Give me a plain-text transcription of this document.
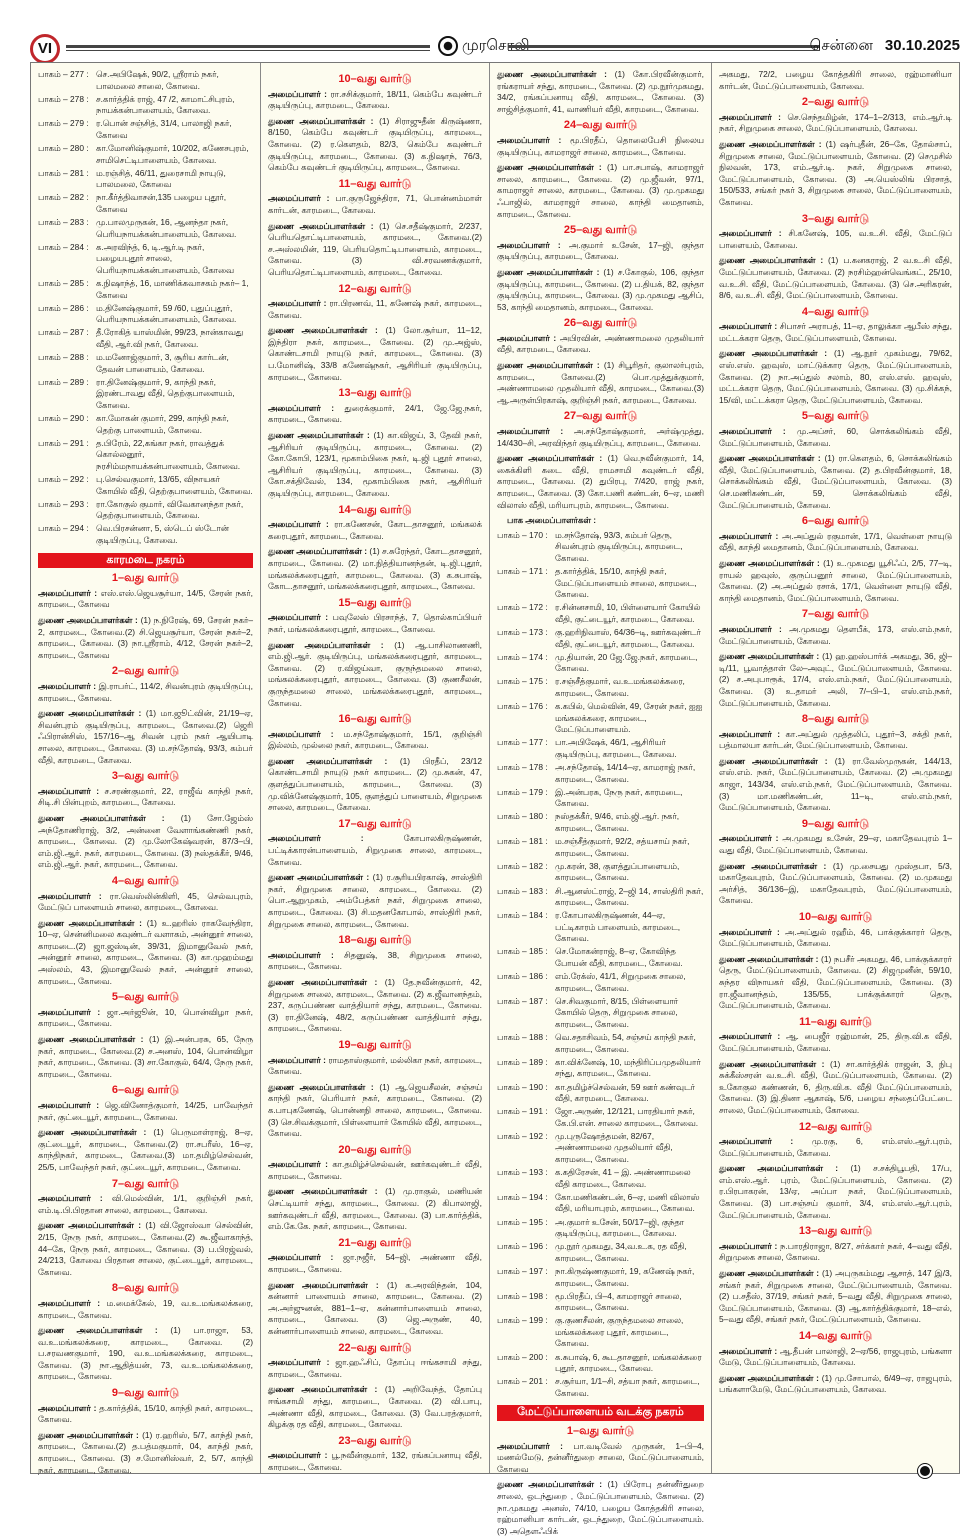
VI	முரசொலி	சென்னை 30.10.2025
பாகம் – 277 : செ.அபிஷேக், 90/2, ஸ்ரீராம் நகர், பாலமலை சாலை, கோவை.
பாகம் – 278 : ச.கார்த்திக் ராஜ், 47 /2, காமாட்சிபுரம், நாயக்கன்பாளையம், கோவை.
பாகம் – 279 : ர.பொன் சஞ்சித், 31/4, பாலாஜி நகர், கோவை
பாகம் – 280 : கா.மோனிஷ்குமார், 10/202, கணேசபுரம், சாமிசெட்டிபாளையம், கோவை.
பாகம் – 281 : ம.ரஞ்சித், 46/11, துரைசாமி நாயுடு, பாலமலை, கோவை
பாகம் – 282 : நா.கீர்த்திவாசன்,135 பழைய புதூர், கோவை
பாகம் – 283 : மு.பாலமுருகன், 16, ஆனந்தா நகர், பெரியநாயக்கன்பாளையம், கோவை.
பாகம் – 284 : க.அரவிந்த், 6, டி.ஆர்.டி நகர், பழையபுதூர் சாலை, பெரியநாயக்கன்பாளையம், கோவை
பாகம் – 285 : க.நிஷாந்த், 16, மாணிக்கவாசகம் நகர்– 1, கோவை
பாகம் – 286 : ம.தினேஷ்குமார், 59 /60, புதுப்புதூர், பெரியநாயக்கன்பாளையம், கோவை.
பாகம் – 287 : தீ.ரோகித் யாஸ்மின், 99/23, நான்காவது வீதி, ஆர்.வி நகர், கோவை.
பாகம் – 288 : ம.மனோஜ்குமார், 3, சூரிய கார்டன், தேவன் பாளையம், கோவை.
பாகம் – 289 : ரா.தினேஷ்குமார், 9, காந்தி நகர், இரண்டாவது வீதி, தெற்குபாளையம், கோவை.
பாகம் – 290 : கா.மோகன் குமார், 299, காந்தி நகர், தெற்கு பாளையம், கோவை.
பாகம் – 291 : த.பிரேம், 22,கங்கா நகர், ராவத்துக் கொல்லனூர், நரசிம்மநாயக்கன்பாளையம், கோவை.
பாகம் – 292 : பு.செல்வகுமார், 13/65, விநாயகர் கோயில் வீதி, தெற்குபாளையம், கோவை.
பாகம் – 293 : ரா.கோகுல் குமார், விவேகானந்தா நகர், தெற்குபாளையம், கோவை.
பாகம் – 294 : வெ.பிரசன்னா, 5, ஸ்டெப் ஸ்டோன் குடியிருப்பு, கோவை.
காரமடை நகரம்
1–வது வார்டு
அமைப்பாளர் : எஸ்.எஸ்.ஜெயசூர்யா, 14/5, சேரன் நகர், காரமடை, கோவை
துணை அமைப்பாளர்கள் : (1) ந.நிரேஷ், 69, சேரன் நகர்–2, காரமடை, கோவை.(2) சி.ஜெயசூர்யா, சேரன் நகர்–2, காரமடை, கோவை. (3) நா.ஸ்ரீராம், 4/12, சேரன் நகர்–2, காரமடை, கோவை
2–வது வார்டு
அமைப்பாளர் : இ.ராபர்ட், 114/2, சிவன்புரம் குடியிருப்பு, காரமடை, கோவை.
துணை அமைப்பாளர்கள் : (1) மா.ஜூட்வின், 21/19–ஏ, சிவன்புரம் குடியிருப்பு, காரமடை, கோவை.(2) ஜெரி ஃபிரான்சிஸ், 157/16–ஆ சிவன் புரம் நகர் ஆயிபாடி சாலை, காரமடை, கோவை. (3) ம.சந்தோஷ், 93/3, கம்பர் வீதி, காரமடை, கோவை.
3–வது வார்டு
அமைப்பாளர் : ச.சரண்குமார், 22, ராஜீவ் காந்தி நகர், சிடி.சி பின்புறம், காரமடை, கோவை.
துணை அமைப்பாளர்கள் : (1) சோ.ஜேம்ஸ் அந்தோணிராஜ், 3/2, அன்னை வேளாங்கண்ணி நகர், காரமடை, கோவை. (2) மு.லோகேஷ்வரன், 87/3–பி, எம்.ஜி.ஆர். நகர், காரமடை, கோவை. (3) நஸ்தக்கீர், 9/46, எம்.ஜி.ஆர். நகர், காரமடை, கோவை.
4–வது வார்டு
அமைப்பாளர் : ரா.வெஸ்லின்கிளி, 45, செல்வபுரம், மேட்டுப் பாளையம் சாலை, காரமடை, கோவை.
துணை அமைப்பாளர்கள் : (1) உ.ஹரிஸ் ராகவேந்திரா, 10–ஏ, சென்னிமலை கவுண்டர் வளாகம், அன்னூர் சாலை, காரமடை.(2) ஜா.ஜஸ்டின், 39/31, இமானுவேல் நகர், அன்னூர் சாலை, காரமடை, கோவை. (3) கா.முஹம்மது அஸ்லம், 43, இமானுவேல் நகர், அன்னூர் சாலை, காரமடை, கோவை.
5–வது வார்டு
அமைப்பாளர் : ஜா.அர்ஜூன், 10, பொன்விழா நகர், காரமடை, கோவை.
துணை அமைப்பாளர்கள் : (1) இ.அன்பரசு, 65, நேரு நகர், காரமடை, கோவை.(2) ச.அனஸ், 104, பொன்விழா நகர், காரமடை, கோவை. (3) சா.கோகுல், 64/4, நேரு நகர், காரமடை, கோவை.
6–வது வார்டு
அமைப்பாளர் : ஜெ.வினோத்குமார், 14/25, பாவேந்தர் நகர், குட்டையூர், காரமடை, கோவை.
துணை அமைப்பாளர்கள் : (1) பெருமாள்ராஜ், 8–ஏ, குட்டையூர், காரமடை, கோவை.(2) ரா.சபரீஸ், 16–ஏ, காந்திநகர், காரமடை, கோவை.(3) மா.தமிழ்செல்வன், 25/5, பாவேந்தர் நகர், குட்டையூர், காரமடை, கோவை.
7–வது வார்டு
அமைப்பாளர் : வி.மெல்வின், 1/1, குறிஞ்சி நகர், எம்.டி.பி.பிரதான சாலை, காரமடை, கோவை.
துணை அமைப்பாளர்கள் : (1) வி.ஜோஸ்வா செல்வின், 2/15, நேரு நகர், காரமடை, கோவை.(2) கூ.ஜீவாகாந்த், 44–கே, நேரு நகர், காரமடை, கோவை. (3) ப.பிரஜ்வல், 24/213, கோவை பிரதான சாலை, குட்டையூர், காரமடை, கோவை.
8–வது வார்டு
அமைப்பாளர் : ம.மைக்கேல், 19, வ.உ.மங்கலக்கரை, காரமடை, கோவை.
துணை அமைப்பாளர்கள் : (1) பா.ராஜா, 53, வ.உ.மங்கலக்கரை, காரமடை, கோவை. (2) ப.சரவணகுமார், 190, வ.உ.மங்கலக்கரை, காரமடை, கோவை. (3) நா.ஆதித்யன், 73, வ.உ.மங்கலக்கரை, காரமடை, கோவை.
9–வது வார்டு
அமைப்பாளர் : த.கார்த்திக், 15/10, காந்தி நகர், காரமடை, கோவை.
துணை அமைப்பாளர்கள் : (1) ர.ஹரிஸ், 5/7, காந்தி நகர், காரமடை, கோவை.(2) த.பத்மகுமார், 04, காந்தி நகர், காரமடை, கோவை. (3) ச.மோனிஸ்வர், 2, 5/7, காந்தி நகர், காரமடை, கோவை.
10–வது வார்டு
அமைப்பாளர் : ரா.சசிக்குமார், 18/11, கெம்பே கவுண்டர் குடியிருப்பு, காரமடை, கோவை.
துணை அமைப்பாளர்கள் : (1) சிராஜுதீன் கிருஷ்ணா, 8/150, கெம்பே கவுண்டர் குடியிருப்பு, காரமடை, கோவை. (2) ர.கௌதம், 82/3, கெம்பே கவுண்டர் குடியிருப்பு, காரமடை, கோவை. (3) க.நிஷாந், 76/3, கெம்பே கவுண்டர் குடியிருப்பு, காரமடை, கோவை.
11–வது வார்டு
அமைப்பாளர் : பா.குருஜேந்திரா, 71, பொன்னம்மாள் கார்டன், காரமடை, கோவை.
துணை அமைப்பாளர்கள் : (1) செ.சதீஷ்குமார், 2/237, பெரியதொட்டிபாளையம், காரமடை, கோவை.(2) ச.அஸ்லமின், 119, பெரியதொட்டிபாளையம், காரமடை, கோவை. (3) வி.சரவணக்குமார், பெரியதொட்டிபாளையம், காரமடை, கோவை.
12–வது வார்டு
அமைப்பாளர் : ரா.பிரணவ், 11, கணேஷ் நகர், காரமடை, கோவை.
துணை அமைப்பாளர்கள் : (1) லோ.சூர்யா, 11–12, இந்திரா நகர், காரமடை, கோவை. (2) மு.அஜ்ஸ், கொண்டசாமி நாயுடு நகர், காரமடை, கோவை. (3) ப.மோனிஷ், 33/8 கணேஷ்நகர், ஆசிரியர் குடியிருப்பு, காரமடை, கோவை.
13–வது வார்டு
அமைப்பாளர் : துரைக்குமார், 24/1, ஜே.ஜே.நகர், காரமடை, கோவை.
துணை அமைப்பாளர்கள் : (1) கா.விஜய், 3, தேவி நகர், ஆசிரியர் குடியிருப்பு, காரமடை, கோவை. (2) கோ.கோபி, 123/1, மூகாம்பிகை நகர், டி.ஜி புதூர் சாலை, ஆசிரியர் குடியிருப்பு, காரமடை, கோவை. (3) கோ.சக்திவேல், 134, மூகாம்பிகை நகர், ஆசிரியர் குடியிருப்பு, காரமடை, கோவை.
14–வது வார்டு
அமைப்பாளர் : ரா.கணேசன், கோட.தாசனூர், மங்கலக் கரைபுதூர், காரமடை, கோவை.
துணை அமைப்பாளர்கள் : (1) ச.சுரேந்தர், கோட.தாசனூர், காரமடை, கோவை. (2) மா.நித்தியானந்தன், டி.ஜி.புதூர், மங்கலக்கரைபுதூர், காரமடை, கோவை. (3) க.சுபாஷ், கோட.தாசனூர், மங்கலக்கரைபுதூர், காரமடை, கோவை.
15–வது வார்டு
அமைப்பாளர் : பவுலேஸ் பிரசாந்த், 7, தொல்காப்பியர் நகர், மங்கலக்கரைபுதூர், காரமடை, கோவை.
துணை அமைப்பாளர்கள் : (1) ஆ.பாசிலாணணி, எம்.ஜி.ஆர். குடியிருப்பு, மங்கலக்கரைபுதூர், காரமடை, கோவை. (2) ர.விஜய்வா, குருந்தமலை சாலை, மங்கலக்கரைபுதூர், காரமடை, கோவை. (3) குணசீலன், குருந்தமலை சாலை, மங்கலக்கரைபுதூர், காரமடை, கோவை.
16–வது வார்டு
அமைப்பாளர் : ம.சந்தோஷ்குமார், 15/1, குறிஞ்சி இல்லம், முல்லை நகர், காரமடை, கோவை.
துணை அமைப்பாளர்கள் : (1) பிரதீப், 23/12 கொண்டசாமி நாயுடு நகர் காரமடை. (2) மு.சுகன், 47, குளத்துப்பாளையம், காரமடை, கோவை. (3) மு.விக்னேஷ்குமார், 105, குளத்துப் பாளையம், சிறுமுகை சாலை, காரமடை, கோவை.
17–வது வார்டு
அமைப்பாளர் :	கோபாலகிருஷ்ணன், பட்டிக்காரன்பாளையம், சிறுமுகை சாலை, காரமடை, கோவை.
துணை அமைப்பாளர்கள் : (1) ர.சூரியபிரகாஷ், சாஸ்திரி நகர், சிறுமுகை சாலை, காரமடை, கோவை. (2) பொ.ஆறுமுகம், அம்பேத்கர் நகர், சிறுமுகை சாலை, காரமடை, கோவை. (3) சி.மதனகோபால், சாஸ்திரி நகர், சிறுமுகை சாலை, காரமடை, கோவை.
18–வது வார்டு
அமைப்பாளர் : சிதனுஷ், 38, சிறுமுகை சாலை, காரமடை, கோவை.
துணை அமைப்பாளர்கள் : (1) தே.நவீன்குமார், 42, சிறுமுகை சாலை, காரமடை, கோவை. (2) க.ஜீவானந்தம், 237, கருப்பண்ண வாத்தியார் சந்து, காரமடை, கோவை. (3) ரா.தினேஷ், 48/2, கருப்பண்ண வாத்தியார் சந்து, காரமடை, கோவை.
19–வது வார்டு
அமைப்பாளர் : ராமதாஸ்குமார், மல்லிகா நகர், காரமடை, கோவை.
துணை அமைப்பாளர்கள் : (1) ஆ.ஜெயசீலன், சஞ்சய் காந்தி நகர், பெரியார் நகர், காரமடை, கோவை. (2) க.பாபுகணேஷ், பொன்னநி சாலை, காரமடை, கோவை. (3) செ.சிவக்குமார், பிள்ளையார் கோயில் வீதி, காரமடை, கோவை.
20–வது வார்டு
அமைப்பாளர் : கா.தமிழ்ச்செல்வன், ஊர்கவுண்டர் வீதி, காரமடை, கோவை.
துணை அமைப்பாளர்கள் : (1) மு.ராகுல், மணியன் செட்டியார் சந்து, காரமடை, கோவை. (2) கிபாலாஜி, ஊர்கவுண்டர் வீதி, காரமடை, கோவை. (3) பா.கார்த்திக், எம்.கே.கே. நகர், காரமடை, கோவை.
21–வது வார்டு
அமைப்பாளர் : ஜா.நஜீர், 54–ஜி, அண்ணா வீதி, காரமடை, கோவை.
துணை அமைப்பாளர்கள் : (1) க.அரவிந்தன், 104, கன்னார் பாளையம் சாலை, காரமடை, கோவை. (2) அ.அர்ஜுனன், 881–1–ஏ, கன்னார்பாளையம் சாலை, காரமடை, கோவை. (3) ஜெ.அருண், 40, கன்னார்பாளையம் சாலை, காரமடை, கோவை.
22–வது வார்டு
அமைப்பாளர் : ஜா.ஹஃசிப், தோப்பு ஈங்கசாமி சந்து, காரமடை, கோவை.
துணை அமைப்பாளர்கள் : (1) அறிவேந்த், தோப்பு ஈங்கசாமி சந்து, காரமடை, கோவை. (2) வி.பாபு, அண்ணா வீதி, காரமடை, கோவை. (3) வே.பரத்குமார், கிழக்கு ரத வீதி, காரமடை, கோவை.
23–வது வார்டு
அமைப்பாளர் : பூ.நவீன்குமார், 132, ரங்கப்பனாயு வீதி, காரமடை, கோவை.
துணை அமைப்பாளர்கள் : (1) கோ.பிரவீன்குமார், ரங்கராயர் சந்து, காரமடை, கோவை. (2) மு.நூர்முகமது, 34/2, ரங்கப்பனாயு வீதி, காரமடை, கோவை. (3) சாஜ்சித்குமார், 41, வாணியர் வீதி, காரமடை, கோவை.
24–வது வார்டு
அமைப்பாளர் : மூ.பிரதீப், தொலைபேசி நிலைய குடியிருப்பு, காமராஜர் சாலை, காரமடை, கோவை.
துணை அமைப்பாளர்கள் : (1) பா.சபாஷ், காமராஜர் சாலை, காரமடை, கோவை. (2) மு.ஜீவன், 97/1, காமராஜர் சாலை, காரமடை, கோவை. (3) மு.முகமது ஃபாஜில், காமராஜர் சாலை, காந்தி மைதானம், காரமடை, கோவை.
25–வது வார்டு
அமைப்பாளர் : அ.குமார் உசேன், 17–ஜி, குந்தா குடியிருப்பு, காரமடை, கோவை.
துணை அமைப்பாளர்கள் : (1) ச.கோகுல், 106, குந்தா குடியிருப்பு, காரமடை, கோவை. (2) ப.தியக், 82, குந்தா குடியிருப்பு, காரமடை, கோவை. (3) மு.முகமது ஆசிப், 53, காந்தி மைதானம், காரமடை, கோவை.
26–வது வார்டு
அமைப்பாளர் : அபிரவின், அண்ணாமலை முதலியார் வீதி, காரமடை, கோவை.
துணை அமைப்பாளர்கள் : (1) சிபூரிதர், குலாலர்புரம், காரமடை, கோவை.(2) பொ.முத்துக்குமார், அண்ணாமலை முதலியார் வீதி, காரமடை, கோவை.(3) ஆ.அருள்பிரகாஷ், குறிஞ்சி நகர், காரமடை, கோவை.
27–வது வார்டு
அமைப்பாளர் : அ.சந்தோஷ்குமார், அர்ஷ்முத்து, 14/430–சி, அரவிந்தர் குடியிருப்பு, காரமடை, கோவை.
துணை அமைப்பாளர்கள் : (1) வெ.நவீன்குமார், 14, கைக்கிளி கடை வீதி, ராமசாமி கவுண்டர் வீதி, காரமடை, கோவை. (2) துபிரபு, 7/420, ராஜ் நகர், காரமடை, கோவை. (3) கோ.பணி கண்டன், 6–ஏ, மணி விலாஸ் வீதி, மரியாபுரம், காரமடை, கோவை.
பாக அமைப்பாளர்கள் :
பாகம் – 170 : ம.சந்தோஷ், 93/3, கம்பர் தெரு, சிவன்புரம் குடியிருப்பு, காரமடை, கோவை.
பாகம் – 171 : த.கார்த்திக், 15/10, காந்தி நகர், மேட்டுப்பாளையம் சாலை, காரமடை, கோவை.
பாகம் – 172 : ர.சின்னசாமி, 10, பிள்ளையார் கோயில் வீதி, குட்டையூர், காரமடை, கோவை.
பாகம் – 173 : கு.ஹரிநிவாஸ், 64/36–டி, ஊர்கவுண்டர் வீதி, குட்டையூர், காரமடை, கோவை.
பாகம் – 174 : மு.தியான், 20 ஜே.ஜே.நகர், காரமடை, கோவை.
பாகம் – 175 : ர.சஞ்சீத்குமார், வ.உ.மங்கலக்கரை, காரமடை, கோவை.
பாகம் – 176 : க.கபில், மெல்வின், 49, சேரன் நகர், ஐஐ மங்கலக்கரை, காரமடை, மேட்டுப்பாளையம்.
பாகம் – 177 : பா.அபிஷேக், 46/1, ஆசிரியர் குடியிருப்பு, காரமடை, கோவை.
பாகம் – 178 : அ.சந்தோஷ், 14/14–ஏ, காமராஜ் நகர், காரமடை, கோவை.
பாகம் – 179 : இ.அன்பரசு, நேரு நகர், காரமடை, கோவை.
பாகம் – 180 : நஸ்தக்கீர், 9/46, எம்.ஜி.ஆர். நகர், காரமடை, கோவை.
பாகம் – 181 : ம.சஞ்சீத்குமார், 92/2, சத்யசாய் நகர், காரமடை, கோவை.
பாகம் – 182 : மு.கரன், 38, குளத்துப்பாளையம், காரமடை, கோவை.
பாகம் – 183 : சி.ஆனஸ்ட்ராஜ், 2–ஜி 14, சாஸ்திரி நகர், காரமடை, கோவை.
பாகம் – 184 : ர.கோபாலகிருஷ்ணன், 44–ஏ, பட்டிகாரம் பாளையம், காரமடை, கோவை.
பாகம் – 185 : செ.மோகன்ராஜ், 8–ஏ, கோவிந்த போயன் வீதி, காரமடை, கோவை.
பாகம் – 186 : எம்.ரேக்ஸ், 41/1, சிறுமுகை சாலை, காரமடை, கோவை.
பாகம் – 187 : செ.சிவகுமார், 8/15, பிள்ளையார் கோயில் தெரு, சிறுமுகை சாலை, காரமடை, கோவை.
பாகம் – 188 : வெ.சதாசிவம், 54, சஞ்சய் காந்தி நகர், காரமடை, கோவை.
பாகம் – 189 : கா.விக்னேஷ், 10, மந்திரிப்பமுதலியார் சந்து, காரமடை, கோவை.
பாகம் – 190 : கா.தமிழ்ச்செல்வன், 59 ஊர் கண்வுடர் வீதி, காரமடை, கோவை.
பாகம் – 191 : ஜோ.அருண், 12/121, பாரதியார் நகர், கே.பி.என். சாலை காரமடை, கோவை.
பாகம் – 192 : மு.புருஷோத்தமன், 82/67, அண்ணாமலை முதலியார் வீதி, காரமடை, கோவை.
பாகம் – 193 : க.கதிரேசன், 41 – இ. அண்ணாமலை வீதி காரமடை, கோவை.
பாகம் – 194 : கோ.மணிகண்டன், 6–ஏ, மணி விலாஸ் வீதி, மரியாபுரம், காரமடை, கோவை.
பாகம் – 195 : அ.குமார் உசேன், 50/17–ஜி, குந்தா குடியிருப்பு, காரமடை, கோவை.
பாகம் – 196 : மு.நூர் முகமது, 34,வ.உ.க, ரத வீதி, காரமடை, கோவை.
பாகம் – 197 : நா.கிருஷ்ணகுமார், 19, கணேஷ் நகர், காரமடை, கோவை.
பாகம் – 198 : மூ.பிரதீப், பி–4, காமராஜர் சாலை, காரமடை, கோவை.
பாகம் – 199 : கு.குணசீலன், குருந்தமலை சாலை, மங்கலக்கரை புதூர், காரமடை, கோவை.
பாகம் – 200 : க.சுபாஷ், 6, கூடதாசனூர், மங்கலக்கரை புதூர், காரமடை, கோவை.
பாகம் – 201 : ச.சூர்யா, 1/1–சி, சத்யா நகர், காரமடை, கோவை.
மேட்டுப்பாளையம் வடக்கு நகரம்
1–வது வார்டு
அமைப்பாளர் : பா.வடிவேல் முருகன், 1–பி–4, மணல்மேடு, தன்னீர்துறை சாலை, மேட்டுப்பாளையம், கோவை
துணை அமைப்பாளர்கள் : (1) பிரோபு தன்னீர்துறை சாலை, ஒடந்துறை , மேட்டுப்பாளையம், கோவை. (2) நா.முகமது அனஸ், 74/10, பழைய கோத்தகிரி சாலை, ரஹ்மானியா கார்டன், ஒடந்துறை, மேட்டுப்பாளையம். (3) அதௌஃபிக்
அகமது, 72/2, பழைய கோத்தகிரி சாலை, ரஹ்மானியா கார்டன், மேட்டுப்பாளையம், கோவை.
2–வது வார்டு
அமைப்பாளர் : செ.செந்தமிழ்ன், 174–1–2/313, எம்.ஆர்.டி நகர், சிறுமுகை சாலை, மேட்டுப்பாளையம், கோவை.
துணை அமைப்பாளர்கள் : (1) ஷர்புதீன், 26–கே, தோல்சாப், சிறுமுகை சாலை, மேட்டுப்பாளையம், கோவை. (2) செமுசில் நிலவன், 173, எம்.ஆர்.டி. நகர், சிறுமுகை சாலை, மேட்டுப்பாளையம், கோவை. (3) அ.யெஸ்லிங் பிரசாத், 150/533, சங்கர் நகர் 3, சிறுமுகை சாலை, மேட்டுப்பாளையம், கோவை.
3–வது வார்டு
அமைப்பாளர் : சி.கனேஷ், 105, வ.உ.சி. வீதி, மேட்டுப் பாளையம், கோவை.
துணை அமைப்பாளர்கள் : (1) ப.கனகராஜ், 2 வ.உ.சி வீதி, மேட்டுப்பாளையம், கோவை. (2) நரசிம்ஹன்வெங்கட், 25/10, வ.உ.சி. வீதி, மேட்டுப்பாளையம், கோவை. (3) செ.அரிகரன், 8/6, வ.உ.சி. வீதி, மேட்டுப்பாளையம், கோவை.
4–வது வார்டு
அமைப்பாளர் : சிபாசர் அராபத், 11–ஏ, தாலுக்கா ஆபீஸ் சந்து, மட்டக்கரா தெரு, மேட்டுப்பாளையம், கோவை.
துணை அமைப்பாளர்கள் : (1) ஆ.நூர் முகம்மது, 79/62, எஸ்.எஸ். ஹவுஸ், மாட்டுக்கார தெரு, மேட்டுப்பாளையம், கோவை. (2) நா.அப்துல் சலாம், 80, எஸ்.எஸ். ஹவுஸ், மட்டக்கரா தெரு, மேட்டுப்பாளையம், கோவை. (3) மு.சிக்கந், 15/வி, மட்டக்கரா தெரு, மேட்டுப்பாளையம், கோவை.
5–வது வார்டு
அமைப்பாளர் : மு.அப்சர், 60, சொக்கலிங்கம் வீதி, மேட்டுப்பாளையம், கோவை.
துணை அமைப்பாளர்கள் : (1) ரா.கௌதம், 6, சொக்கலிங்கம் வீதி, மேட்டுப்பாளையம், கோவை. (2) த.பிரவீன்குமார், 18, சொக்கலிங்கம் வீதி, மேட்டுப்பாளையம், கோவை. (3) செ.மணிகண்டன், 59, சொக்கலிங்கம் வீதி, மேட்டுப்பாளையம், கோவை.
6–வது வார்டு
அமைப்பாளர் : அ.அப்துல் ரகுமான், 17/1, வெள்ளை நாயுடு வீதி, காந்தி மைதானம், மேட்டுப்பாளையம், கோவை.
துணை அமைப்பாளர்கள் : (1) உ.முகமது யூசிஃப், 2/5, 77–டி, ராயல் ஹவுஸ், குருப்பனூர் சாலை, மேட்டுப்பாளையம், கோவை. (2) அ.அப்துல் ரசாக், 17/1, வெள்ளை நாயுடு வீதி, காந்தி மைதானம், மேட்டுப்பாளையம், கோவை.
7–வது வார்டு
அமைப்பாளர் : அ.முகமது தௌபீக், 173, எஸ்.எம்.நகர், மேட்டுப்பாளையம், கோவை.
துணை அமைப்பாளர்கள் : (1) ஹ.ஹஸ்பார்க் அகமது, 36, ஜி–டி/11, பூவாத்தாள் லே–அவுட், மேட்டுப்பாளையம், கோவை. (2) ச.அபுபாரூக், 17/4, எஸ்.எம்.நகர், மேட்டுப்பாளையம், கோவை. (3) உ.தாமர் அலி, 7/–பி–1, எஸ்.எம்.நகர், மேட்டுப்பாளையம், கோவை.
8–வது வார்டு
அமைப்பாளர் : கா.அப்துல் முத்தலிப், புதூர்–3, சக்தி நகர், பத்மாலயா கார்டன், மேட்டுப்பாளையம், கோவை.
துணை அமைப்பாளர்கள் : (1) ரா.வேல்முருகன், 144/13, எஸ்.எம். நகர், மேட்டுப்பாளையம், கோவை. (2) அ.முகமது காஜா, 143/34, எஸ்.எம்.நகர், மேட்டுப்பாளையம், கோவை. (3) மா.மணிகண்டன், 11–டி, எஸ்.எம்.நகர், மேட்டுப்பாளையம், கோவை.
9–வது வார்டு
அமைப்பாளர் : அ.முகமது உசேன், 29–ஏ, மகாதேவபுரம் 1–வது வீதி, மேட்டுப்பாளையம், கோவை.
துணை அமைப்பாளர்கள் : (1) மு.சையது முஸ்தபா, 5/3, மகாதேவபுரம், மேட்டுப்பாளையம், கோவை. (2) ம.முகமது அர்சித், 36/136–இ, மகாதேவபுரம், மேட்டுப்பாளையம், கோவை.
10–வது வார்டு
அமைப்பாளர் : அ.அப்துல் ரஹீம், 46, பாக்குக்காரர் தெரு, மேட்டுப்பாளையம், கோவை.
துணை அமைப்பாளர்கள் : (1) நபசீர் அகமது, 46, பாக்குக்காரர் தெரு, மேட்டுப்பாளையம், கோவை. (2) சிஜமுனீன், 59/10, சுந்தர விநாயகர் வீதி, மேட்டுப்பாளையம், கோவை. (3) ரா.ஜீவானந்தம், 135/55, பாக்குக்காரர் தெரு, மேட்டுப்பாளையம், கோவை.
11–வது வார்டு
அமைப்பாளர் : ஆ. பைஜீர் ரஹ்மான், 25, திரு.வி.க வீதி, மேட்டுப்பாளையம், கோவை.
துணை அமைப்பாளர்கள் : (1) சா.கார்த்திக் ராஜன், 3, நிபு சுக்கீஸ்சரன் வ.உ.சி. வீதி, மேட்டுப்பாளையம், கோவை. (2) உகோகுல கண்ணன், 6, திரு.வி.க. வீதி மேட்டுப்பாளையம், கோவை. (3) இ.தினா ஆகாஷ், 5/6, பழைய சந்தைப்பேட்டை சாலை, மேட்டுப்பாளையம், கோவை.
12–வது வார்டு
அமைப்பாளர் : மு.ரகு, 6, எம்.எஸ்.ஆர்.புரம், மேட்டுப்பாளையம், கோவை.
துணை அமைப்பாளர்கள் : (1) ச.சக்திபூபதி, 17/ப, எம்.எஸ்.ஆர். புரம், மேட்டுப்பாளையம், கோவை. (2) ர.பிரபாகரன், 13/ஏ, அப்பா நகர், மேட்டுப்பாளையம், கோவை. (3) பா.சஞ்சய் குமார், 3/4, எம்.எஸ்.ஆர்.புரம், மேட்டுப்பாளையம், கோவை.
13–வது வார்டு
அமைப்பாளர் : ந.பாரதிராஜா, 8/27, சர்க்கார் நகர், 4–வது வீதி, சிறுமுகை சாலை, கோவை.
துணை அமைப்பாளர்கள் : (1) அபுருகம்மது ஆசாத், 147 இ/3, சங்கர் நகர், சிறுமுகை சாலை, மேட்டுப்பாளையம், கோவை. (2) ப.சதீஸ், 37/19, சங்கர் நகர், 5–வது வீதி, சிறுமுகை சாலை, மேட்டுப்பாளையம், கோவை. (3) ஆ.கார்த்திக்குமார், 18–எல், 5–வது வீதி, சங்கர் நகர், மேட்டுப்பாளையம், கோவை.
14–வது வார்டு
அமைப்பாளர் : ஆ.தீபன் பாலாஜி, 2–ஏ/56, ராஜபுரம், பங்களா மேடு, மேட்டுப்பாளையம், கோவை.
துணை அமைப்பாளர்கள் : (1) மு.சோபால், 6/49–ஏ, ராஜபுரம், பங்களாமேடு, மேட்டுப்பாளையம், கோவை.
